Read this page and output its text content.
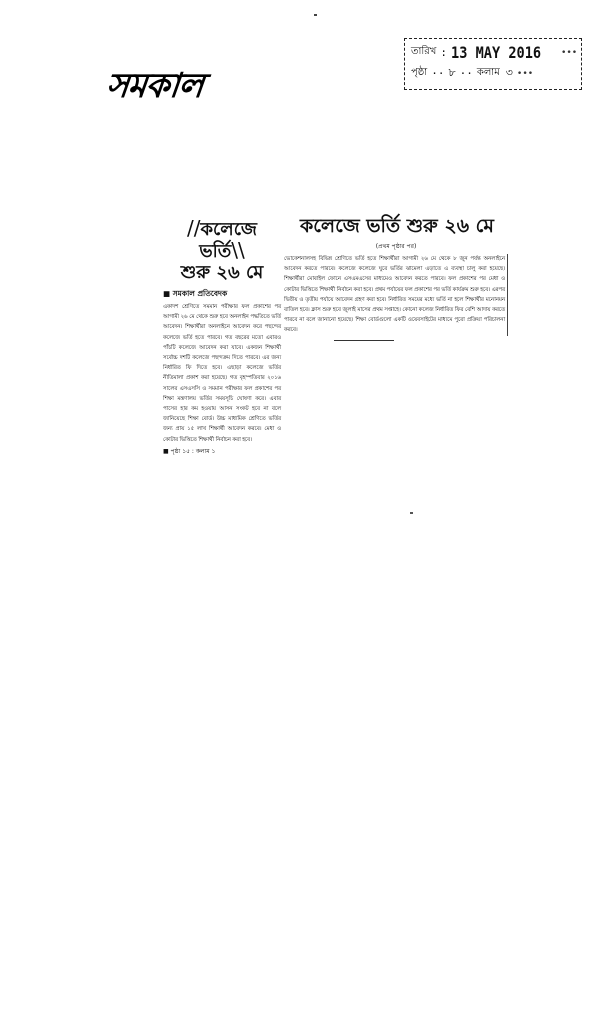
সমকাল
তারিখ : 13 MAY 2016 •••
পৃষ্ঠা ·· ৮ ·· কলাম ৩ •••
//কলেজে ভর্তি\\
শুরু ২৬ মে
■ সমকাল প্রতিবেদক
একাদশ শ্রেণিতে সমমান পরীক্ষার ফল প্রকাশের পর আগামী ২৬ মে থেকে শুরু হবে অনলাইন পদ্ধতিতে ভর্তি আবেদন। শিক্ষার্থীরা অনলাইনে আবেদন করে পছন্দের কলেজে ভর্তি হতে পারবে। গত বছরের মতো এবারও পাঁচটি কলেজে আবেদন করা যাবে। একজন শিক্ষার্থী সর্বোচ্চ দশটি কলেজে পছন্দক্রম দিতে পারবে। এর জন্য নির্ধারিত ফি দিতে হবে। এছাড়া কলেজে ভর্তির নীতিমালা প্রকাশ করা হয়েছে। গত বৃহস্পতিবার ২০১৬ সালের এসএসসি ও সমমান পরীক্ষার ফল প্রকাশের পর শিক্ষা মন্ত্রণালয় ভর্তির সময়সূচি ঘোষণা করে। এবার পাসের হার কম হওয়ায় আসন সংকট হবে না বলে জানিয়েছে শিক্ষা বোর্ড। উচ্চ মাধ্যমিক শ্রেণিতে ভর্তির জন্য প্রায় ১৫ লাখ শিক্ষার্থী আবেদন করবে। মেধা ও কোটার ভিত্তিতে শিক্ষার্থী নির্বাচন করা হবে।
■ পৃষ্ঠা ১৫ : কলাম ১
কলেজে ভর্তি শুরু ২৬ মে
(প্রথম পৃষ্ঠার পর)
ভোকেশনালসহ বিভিন্ন শ্রেণিতে ভর্তি হতে শিক্ষার্থীরা আগামী ২৬ মে থেকে ৮ জুন পর্যন্ত অনলাইনে আবেদন করতে পারবে। কলেজে কলেজে ঘুরে ভর্তির ঝামেলা এড়াতে এ ব্যবস্থা চালু করা হয়েছে। শিক্ষার্থীরা মোবাইল ফোনে এসএমএসের মাধ্যমেও আবেদন করতে পারবে। ফল প্রকাশের পর মেধা ও কোটার ভিত্তিতে শিক্ষার্থী নির্বাচন করা হবে। প্রথম পর্যায়ের ফল প্রকাশের পর ভর্তি কার্যক্রম শুরু হবে। এরপর দ্বিতীয় ও তৃতীয় পর্যায়ে আবেদন গ্রহণ করা হবে। নির্ধারিত সময়ের মধ্যে ভর্তি না হলে শিক্ষার্থীর মনোনয়ন বাতিল হবে। ক্লাস শুরু হবে জুলাই মাসের প্রথম সপ্তাহে। কোনো কলেজ নির্ধারিত ফির বেশি আদায় করতে পারবে না বলে জানানো হয়েছে। শিক্ষা বোর্ডগুলো একটি ওয়েবসাইটের মাধ্যমে পুরো প্রক্রিয়া পরিচালনা করবে।
